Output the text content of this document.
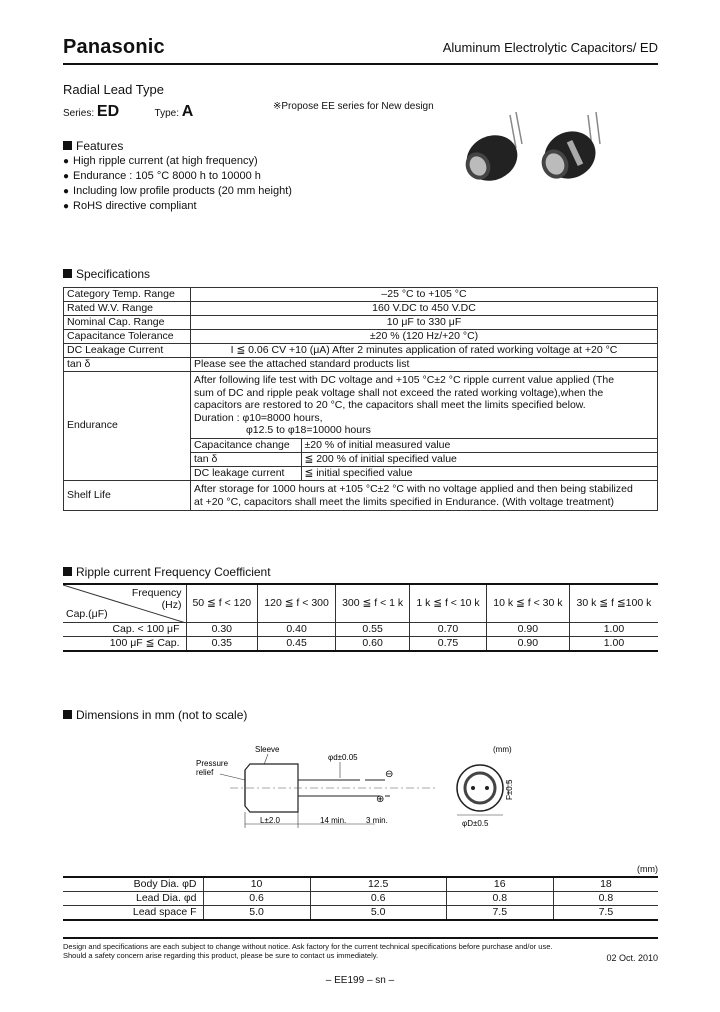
Panasonic	Aluminum Electrolytic Capacitors/ ED
Radial Lead Type
Series: ED	Type: A	※Propose EE series for New design
Features
● High ripple current (at high frequency)
● Endurance : 105 °C 8000 h to 10000 h
● Including low profile products (20 mm height)
● RoHS directive compliant
Specifications
Category Temp. Range	–25 °C to +105 °C
Rated W.V. Range	160 V.DC to 450 V.DC
Nominal Cap. Range	10 μF to 330 μF
Capacitance Tolerance	±20 % (120 Hz/+20 °C)
DC Leakage Current	I ≦ 0.06 CV +10 (μA) After 2 minutes application of rated working voltage at +20 °C
tan δ	Please see the attached standard products list
Endurance	
After following life test with DC voltage and +105 °C±2 °C ripple current value applied (The
sum of DC and ripple peak voltage shall not exceed the rated working voltage),when the
capacitors are restored to 20 °C, the capacitors shall meet the limits specified below.
Duration : φ10=8000 hours,
φ12.5 to φ18=10000 hours
Capacitance change	±20 % of initial measured value
tan δ	≦ 200 % of initial specified value
DC leakage current	≦ initial specified value

Shelf Life	
After storage for 1000 hours at +105 °C±2 °C with no voltage applied and then being stabilized
at +20 °C, capacitors shall meet the limits specified in Endurance. (With voltage treatment)
Ripple current Frequency Coefficient
Frequency
(Hz)
Cap.(μF)	50 ≦ f < 120	120 ≦ f < 300	300 ≦ f < 1 k	1 k ≦ f < 10 k	10 k ≦ f < 30 k	30 k ≦ f ≦100 k
Cap. < 100 μF	0.30	0.40	0.55	0.70	0.90	1.00
100 μF ≦ Cap.	0.35	0.45	0.60	0.75	0.90	1.00
Dimensions in mm (not to scale)
Sleeve
Pressure
relief
φd±0.05
⊖
⊕
L±2.0	14 min. 3 min.
(mm)
φD±0.5
F±0.5
(mm)
Body Dia. φD	10	12.5	16	18
Lead Dia. φd	0.6	0.6	0.8	0.8
Lead space F	5.0	5.0	7.5	7.5
Design and specifications are each subject to change without notice. Ask factory for the current technical specifications before purchase and/or use.
Should a safety concern arise regarding this product, please be sure to contact us immediately.	02 Oct. 2010
– EE199 – sn –
